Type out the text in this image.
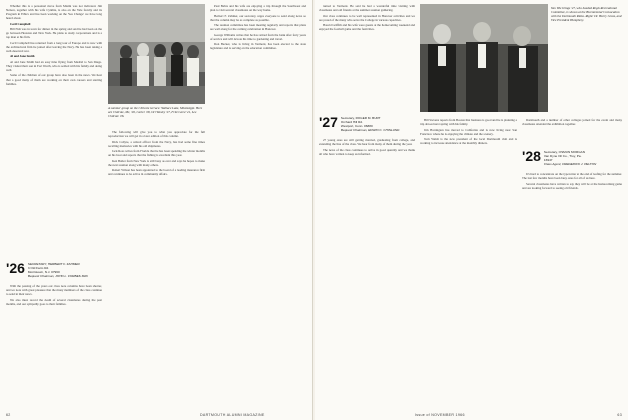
Whether this is a personnel move from Miami was not indicated. Jim Nelson, together with his wife Cynthia, is also on the Yale faculty and its Program in Ethics and has been working on the 'Sea Change' we have long heard about.

Cecil Campbell

Bill Fish was in town for dinner in the spring and said he had been on the go between Houston and New York. He plans to study corporations and is a top man at his firm.

Cecil Campbell has returned from a long tour of Europe and is now with the architectural firm he joined after leaving the Navy. He has been taking a well-deserved rest.

Al and Jane Smith

Al and Jane Smith had an easy time flying from Madrid to San Diego. They visited their son in Fort Worth, who is settled with his family and doing well.

Some of the children of our group have also been in the news. We hear that a good many of them are working on their own careers and starting families.

'26 SECRETARY, HERBERT F. ZAHMER
3 Old Farm Rd.
Morristown, N.J. 07960
Bequest Chairman, JOHN L. FORBES 3RD

With the passing of the years our class note columns have been shorter, and we note with great pleasure that the many members of the class continue to send in their news.

We also must record the death of several classmates during the past months, and our sympathy goes to their families.

A summer group on the Chilcote terrace: Wallace Lake, Mississippi. Here are Chilcote, Mc, '26, Carter '28, Ort Wesley '27, Fritz Gerst '21, Lee Chilcote '26.

The following will give you to what you appreciate for the full reproduction we will get in a later edition of this column.

Dick Caliyre, a retired officer from the Navy, has had some fine times recalling memories with his old shipmates.

Jack Ross writes from Florida that he has been spending the winter months on his boat and reports that the fishing is excellent this year.

Ken Butler from New York is still busy as ever and says he hopes to make the next reunion along with many others.

Robert Wilson has been appointed to the board of a leading insurance firm and continues to be active in community affairs.

Paul Behrs and his wife are enjoying a trip through the Southwest and plan to visit several classmates on the way home.

Herbert F. Zahmer, our secretary, urges everyone to send along news so that the column may be as complete as possible.

The reunion committee has been meeting regularly and reports that plans are well along for the coming celebration in Hanover.

George Williams writes that he has retired from the bank after forty years of service and will devote his time to gardening and travel.

Don Becker, who is living in Vermont, has been elected to the state legislature and is serving on the education committee.

62	DARTMOUTH ALUMNI MAGAZINE

turned to Vermont. He said he had a wonderful time visiting with classmates and old friends at the summer reunion gathering.

Our class continues to be well represented in Hanover activities and we are proud of the many who serve the College in various capacities.

Harold Griffith and his wife were guests at the homecoming weekend and enjoyed the football game and the festivities.

'27 Secretary, ROGER M. BURT
Orchard Hill Rd.
Westport, Conn. 06880
Bequest Chairman, EDWIN C. CHINLUND

27 young ones are still getting married, graduating from college, and extending the line of the class. We hear from many of them during the year.

The news of the class continues to arrive in good quantity and we thank all who have written to keep us informed.

Bill Stevens reports from Boston that business is good and he is planning a trip abroad next spring with his family.

Jim Harrington has moved to California and is now living near San Francisco where he is enjoying the climate and the scenery.

Tom Walsh is the new president of the local Dartmouth club and is working to increase attendance at the monthly dinners.

Van Wie brings '27, who headed Regis Recreational Committee, is shown at the Bicentennial Convocation with the Dartmouth Rinks. Right: Dr. Harry Gross, and Vice President Humphrey.

Dartmouth and a number of other colleges joined for the event and many classmates attended the exhibition together.

'28 Secretary, OSMUN MORGAN
Van Dyne Oil Co., Troy, Pa.
16947
Class Agent, FREDERICK J. PELTON

It's hard to concentrate on the typewriter at the end of leafing for the summer. The last few months have been busy ones for all of us here.

Several classmates have written to say they will be at the homecoming game and are looking forward to seeing old friends.

Issue of NOVEMBER 1966	63
